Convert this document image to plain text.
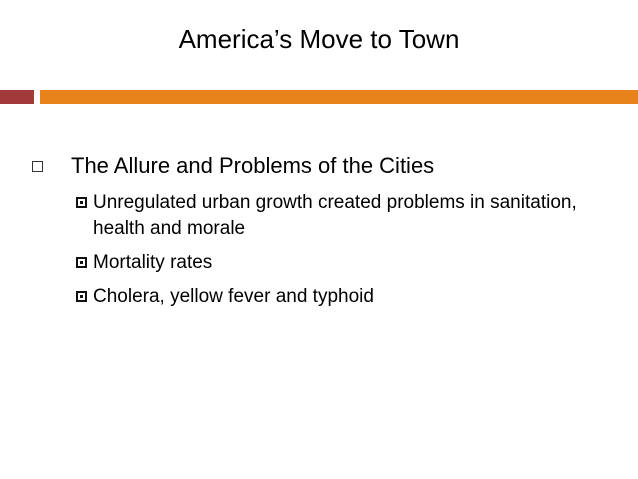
America’s Move to Town
The Allure and Problems of the Cities
Unregulated urban growth created problems in sanitation, health and morale
Mortality rates
Cholera, yellow fever and typhoid
